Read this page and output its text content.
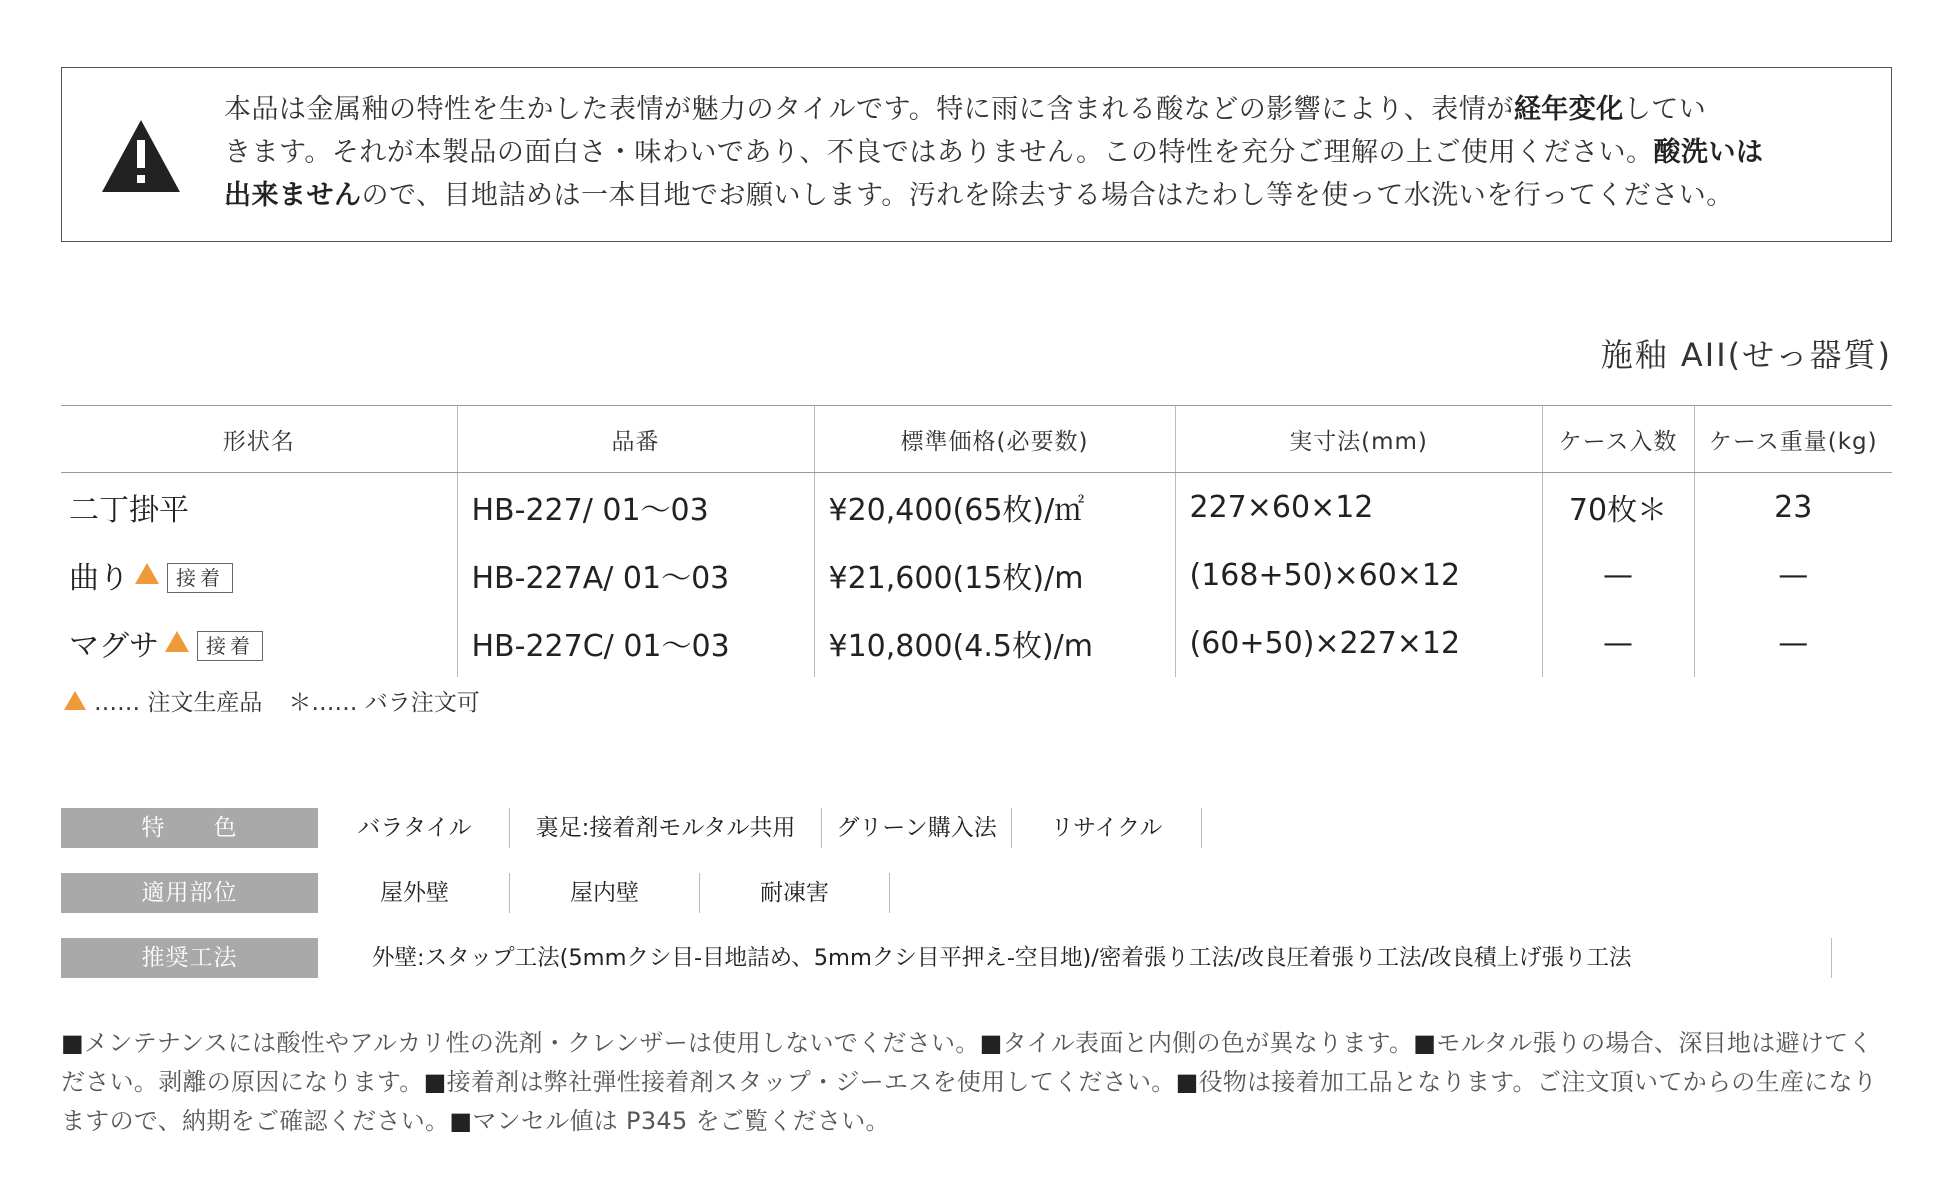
本品は金属釉の特性を生かした表情が魅力のタイルです。特に雨に含まれる酸などの影響により、表情が経年変化してい
きます。それが本製品の面白さ・味わいであり、不良ではありません。この特性を充分ご理解の上ご使用ください。酸洗いは
出来ませんので、目地詰めは一本目地でお願いします。汚れを除去する場合はたわし等を使って水洗いを行ってください。
施釉 AII(せっ器質)
形状名	品番	標準価格(必要数)	実寸法(mm)	ケース入数	ケース重量(kg)
二丁掛平	HB-227/ 01〜03	¥20,400(65枚)/㎡	227×60×12	70枚＊	23
曲り 接着	HB-227A/ 01〜03	¥21,600(15枚)/m	(168+50)×60×12	—	—
マグサ 接着	HB-227C/ 01〜03	¥10,800(4.5枚)/m	(60+50)×227×12	—	—
‥‥‥ 注文生産品 ＊‥‥‥ バラ注文可
特　　色	バラタイル	裏足:接着剤モルタル共用	グリーン購入法	リサイクル
適用部位	屋外壁	屋内壁	耐凍害
推奨工法	外壁:スタップ工法(5mmクシ目-目地詰め、5mmクシ目平押え-空目地)/密着張り工法/改良圧着張り工法/改良積上げ張り工法
■メンテナンスには酸性やアルカリ性の洗剤・クレンザーは使用しないでください。■タイル表面と内側の色が異なります。■モルタル張りの場合、深目地は避けてください。剥離の原因になります。■接着剤は弊社弾性接着剤スタップ・ジーエスを使用してください。■役物は接着加工品となります。ご注文頂いてからの生産になりますので、納期をご確認ください。■マンセル値は P345 をご覧ください。
